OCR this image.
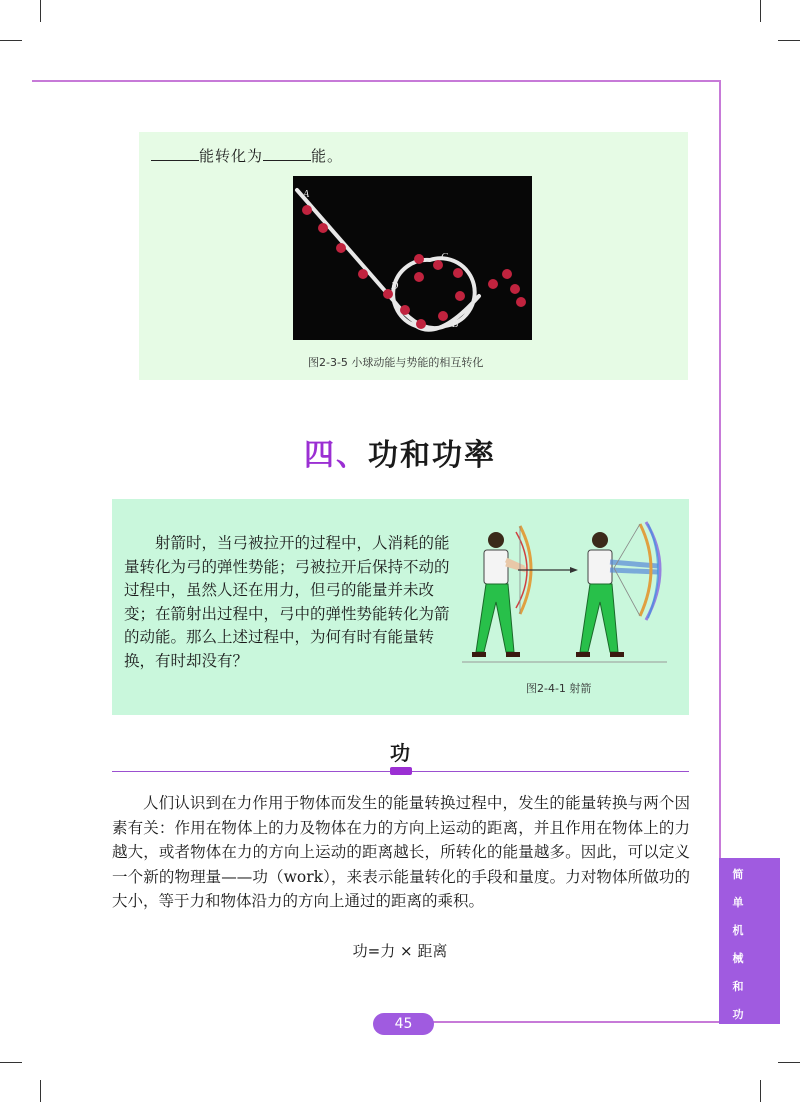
能转化为	能。
A
C
D
B
图2-3-5 小球动能与势能的相互转化
四、功和功率

射箭时，当弓被拉开的过程中，人消耗的能量转化为弓的弹性势能；弓被拉开后保持不动的过程中，虽然人还在用力，但弓的能量并未改变；在箭射出过程中，弓中的弹性势能转化为箭的动能。那么上述过程中，为何有时有能量转换，有时却没有？

图2-4-1 射箭
功

人们认识到在力作用于物体而发生的能量转换过程中，发生的能量转换与两个因素有关：作用在物体上的力及物体在力的方向上运动的距离，并且作用在物体上的力越大，或者物体在力的方向上运动的距离越长，所转化的能量越多。因此，可以定义一个新的物理量——功（work），来表示能量转化的手段和量度。力对物体所做功的大小，等于力和物体沿力的方向上通过的距离的乘积。

功=力 × 距离
简
单
机
械
和
功
45
